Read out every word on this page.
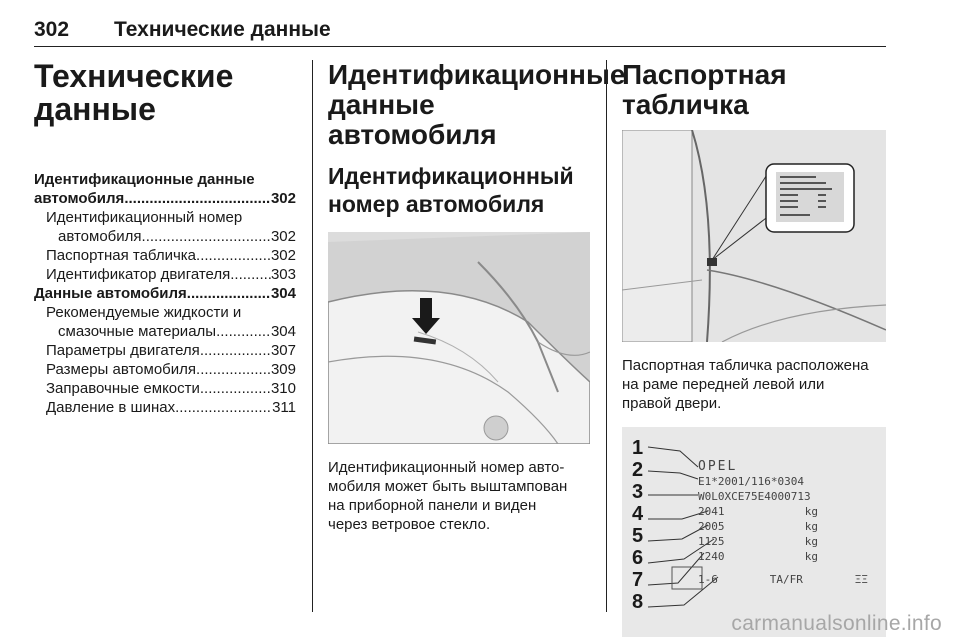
302 Технические данные
Технические
данные
Идентификационные данные
автомобиля .....	302
Идентификационный номер
автомобиля .....	302
Паспортная табличка .....	302
Идентификатор двигателя .....	303
Данные автомобиля .....	304
Рекомендуемые жидкости и
смазочные материалы .....	304
Параметры двигателя .....	307
Размеры автомобиля .....	309
Заправочные емкости .....	310
Давление в шинах .....	311
Идентификационные
данные автомобиля
Идентификационный
номер автомобиля
Идентификационный номер авто-
мобиля может быть выштампован
на приборной панели и виден
через ветровое стекло.
Паспортная табличка
Паспортная табличка расположена
на раме передней левой или
правой двери.
1
2
3
4
5
6
7
8
OPEL
E1*2001/116*0304
W0L0XCE75E4000713
2041	kg
2005	kg
1125	kg
1240	kg
1-6	TA/FR	ΞΞ
carmanualsonline.info
